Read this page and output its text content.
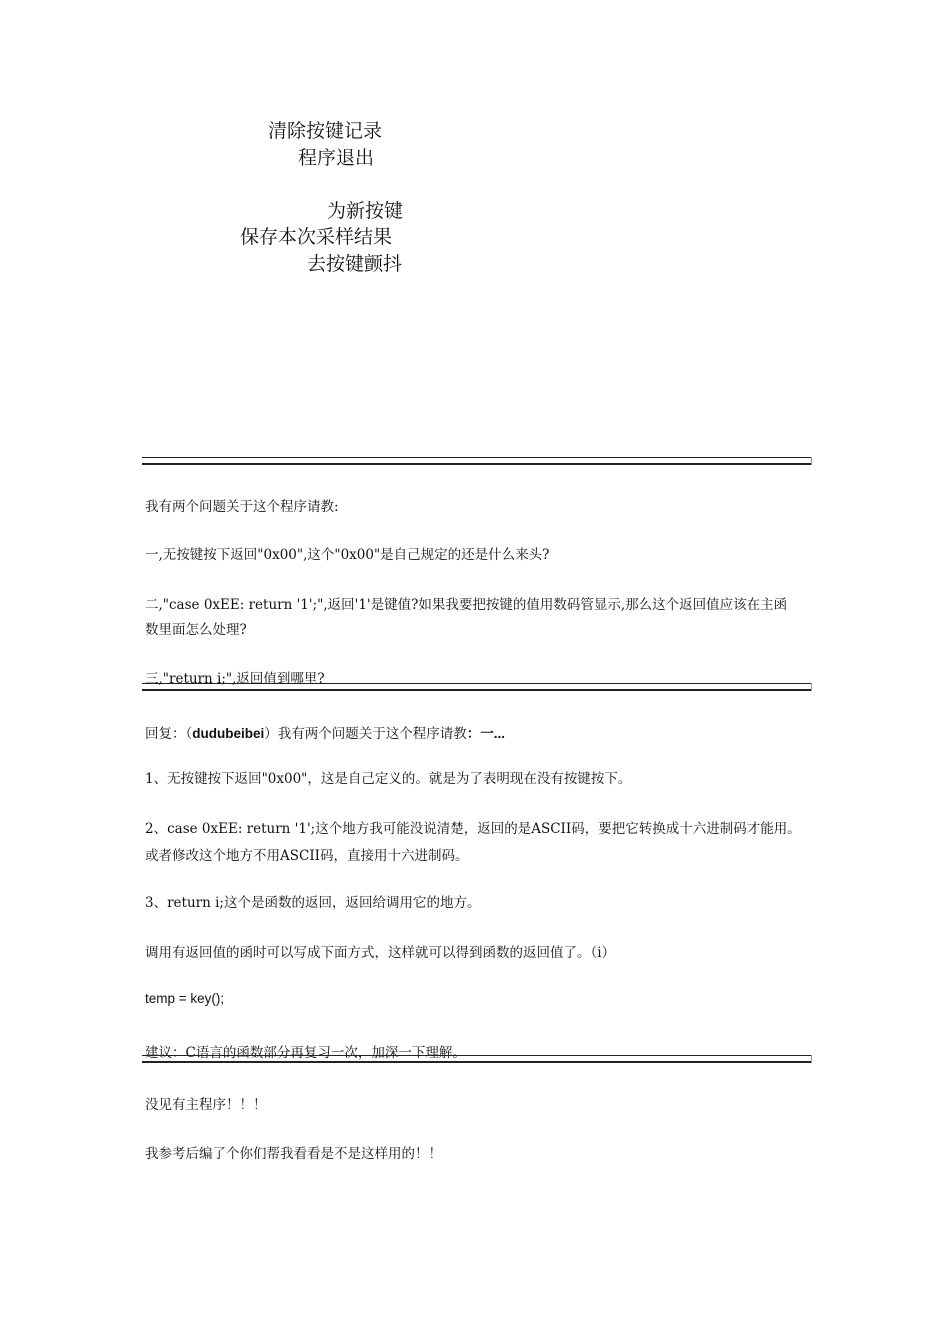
清除按键记录
程序退出
为新按键
保存本次采样结果
去按键颤抖
我有两个问题关于这个程序请教:
一,无按键按下返回"0x00",这个"0x00"是自己规定的还是什么来头?
二,"case 0xEE: return '1';",返回'1'是键值?如果我要把按键的值用数码管显示,那么这个返回值应该在主函
数里面怎么处理?
三,"return i;",返回值到哪里?
回复：（dudubeibei）我有两个问题关于这个程序请教：一...
1、无按键按下返回"0x00"，这是自己定义的。就是为了表明现在没有按键按下。
2、case 0xEE: return '1';这个地方我可能没说清楚，返回的是ASCII码，要把它转换成十六进制码才能用。
或者修改这个地方不用ASCII码，直接用十六进制码。
3、return i;这个是函数的返回，返回给调用它的地方。
调用有返回值的函时可以写成下面方式，这样就可以得到函数的返回值了。（i）
temp = key();
建议：C语言的函数部分再复习一次，加深一下理解。
没见有主程序！！！
我参考后编了个你们帮我看看是不是这样用的！！
